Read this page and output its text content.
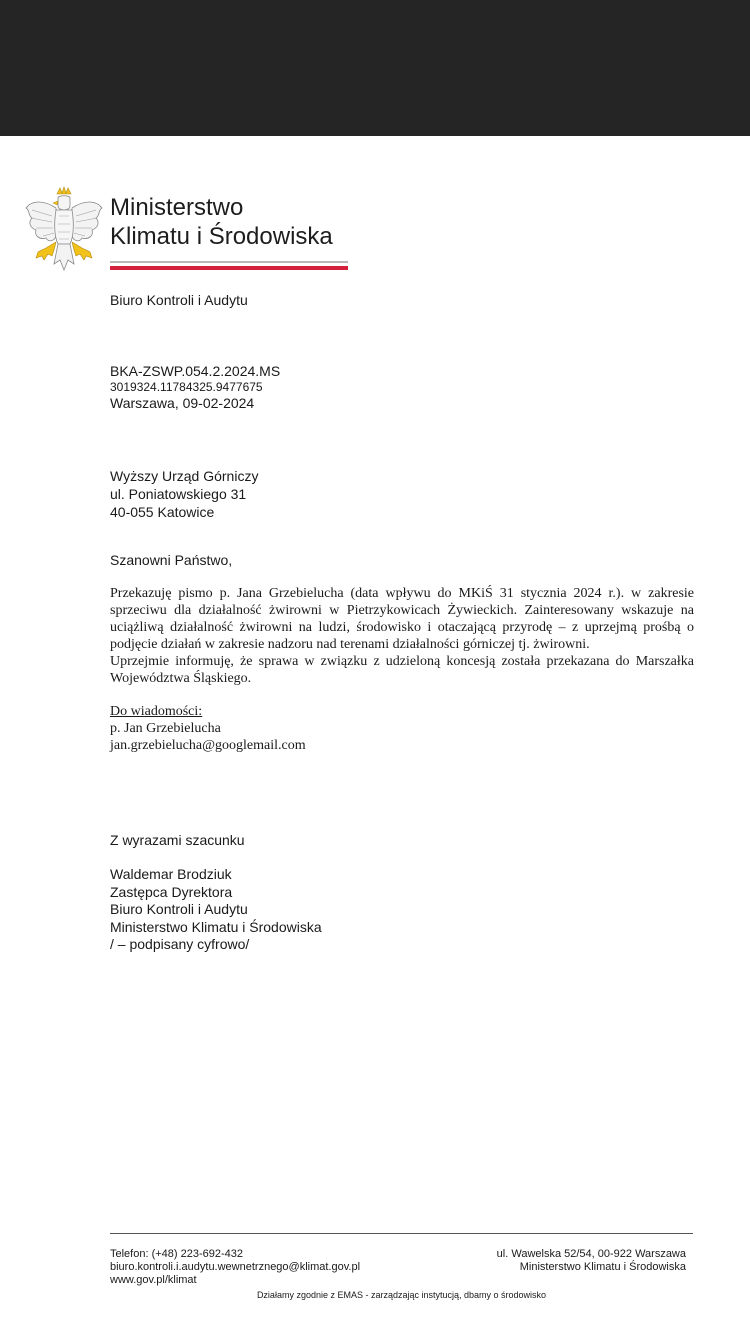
Ministerstwo
Klimatu i Środowiska
Biuro Kontroli i Audytu
BKA-ZSWP.054.2.2024.MS
3019324.11784325.9477675
Warszawa, 09-02-2024
Wyższy Urząd Górniczy
ul. Poniatowskiego 31
40-055 Katowice
Szanowni Państwo,

Przekazuję pismo p. Jana Grzebielucha (data wpływu do MKiŚ 31 stycznia 2024 r.). w zakresie sprzeciwu dla działalność żwirowni w Pietrzykowicach Żywieckich. Zainteresowany wskazuje na uciążliwą działalność żwirowni na ludzi, środowisko i otaczającą przyrodę – z uprzejmą prośbą o podjęcie działań w zakresie nadzoru nad terenami działalności górniczej tj. żwirowni.

Uprzejmie informuję, że sprawa w związku z udzieloną koncesją została przekazana do Marszałka Województwa Śląskiego.

Do wiadomości:
p. Jan Grzebielucha
jan.grzebielucha@googlemail.com
Z wyrazami szacunku
Waldemar Brodziuk
Zastępca Dyrektora
Biuro Kontroli i Audytu
Ministerstwo Klimatu i Środowiska
/ – podpisany cyfrowo/
Telefon: (+48) 223-692-432
biuro.kontroli.i.audytu.wewnetrznego@klimat.gov.pl
www.gov.pl/klimat
ul. Wawelska 52/54, 00-922 Warszawa
Ministerstwo Klimatu i Środowiska
Działamy zgodnie z EMAS - zarządzając instytucją, dbamy o środowisko
